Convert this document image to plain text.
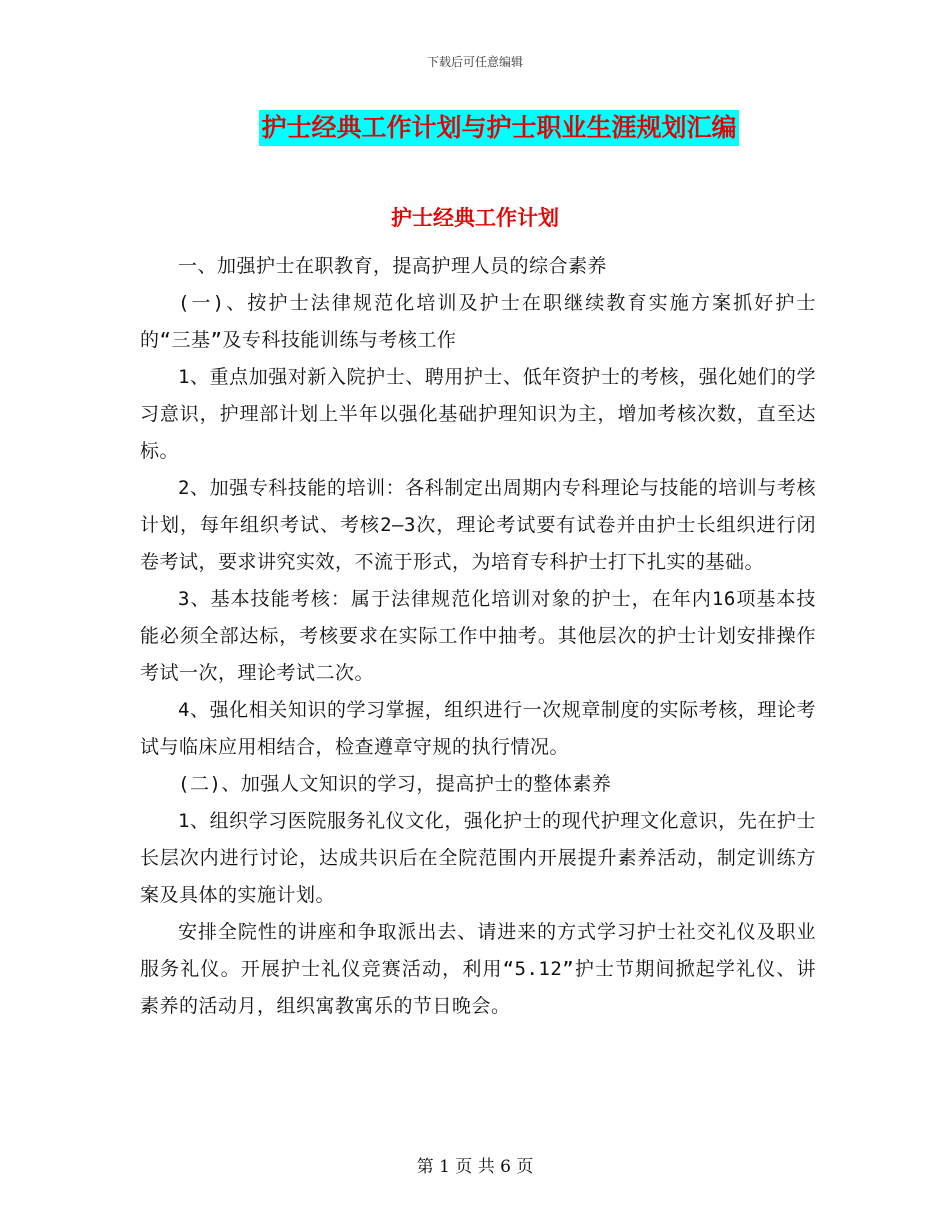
下载后可任意编辑
护士经典工作计划与护士职业生涯规划汇编
护士经典工作计划

一、加强护士在职教育，提高护理人员的综合素养

(一)、按护士法律规范化培训及护士在职继续教育实施方案抓好护士的“三基”及专科技能训练与考核工作

1、重点加强对新入院护士、聘用护士、低年资护士的考核，强化她们的学习意识，护理部计划上半年以强化基础护理知识为主，增加考核次数，直至达标。

2、加强专科技能的培训：各科制定出周期内专科理论与技能的培训与考核计划，每年组织考试、考核2—3次，理论考试要有试卷并由护士长组织进行闭卷考试，要求讲究实效，不流于形式，为培育专科护士打下扎实的基础。

3、基本技能考核：属于法律规范化培训对象的护士，在年内16项基本技能必须全部达标，考核要求在实际工作中抽考。其他层次的护士计划安排操作考试一次，理论考试二次。

4、强化相关知识的学习掌握，组织进行一次规章制度的实际考核，理论考试与临床应用相结合，检查遵章守规的执行情况。

(二)、加强人文知识的学习，提高护士的整体素养

1、组织学习医院服务礼仪文化，强化护士的现代护理文化意识，先在护士长层次内进行讨论，达成共识后在全院范围内开展提升素养活动，制定训练方案及具体的实施计划。

安排全院性的讲座和争取派出去、请进来的方式学习护士社交礼仪及职业服务礼仪。开展护士礼仪竞赛活动，利用“5.12”护士节期间掀起学礼仪、讲素养的活动月，组织寓教寓乐的节日晚会。

第 1 页 共 6 页
